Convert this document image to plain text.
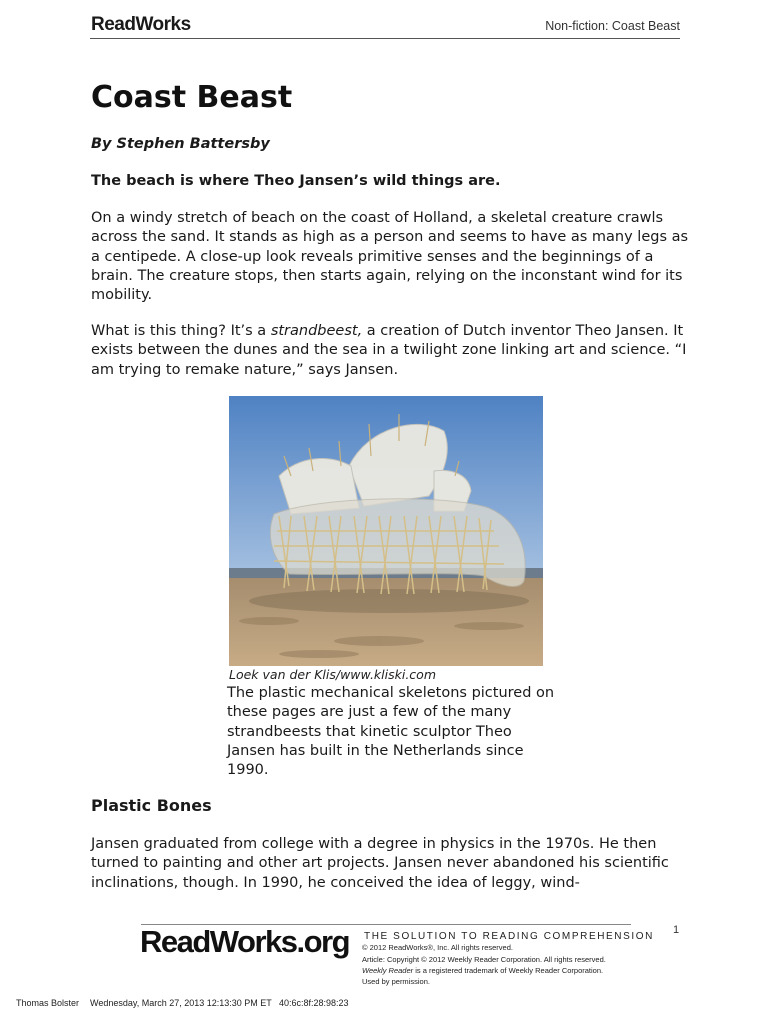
ReadWorks	Non-fiction: Coast Beast
Coast Beast
By Stephen Battersby
The beach is where Theo Jansen’s wild things are.
On a windy stretch of beach on the coast of Holland, a skeletal creature crawls across the sand. It stands as high as a person and seems to have as many legs as a centipede. A close-up look reveals primitive senses and the beginnings of a brain. The creature stops, then starts again, relying on the inconstant wind for its mobility.
What is this thing? It’s a strandbeest, a creation of Dutch inventor Theo Jansen. It exists between the dunes and the sea in a twilight zone linking art and science. “I am trying to remake nature,” says Jansen.
Loek van der Klis/www.kliski.com
The plastic mechanical skeletons pictured on these pages are just a few of the many strandbeests that kinetic sculptor Theo Jansen has built in the Netherlands since 1990.
Plastic Bones
Jansen graduated from college with a degree in physics in the 1970s. He then turned to painting and other art projects. Jansen never abandoned his scientific inclinations, though. In 1990, he conceived the idea of leggy, wind-
1
ReadWorks.org THE SOLUTION TO READING COMPREHENSION
© 2012 ReadWorks®, Inc. All rights reserved.
Article: Copyright © 2012 Weekly Reader Corporation. All rights reserved.
Weekly Reader is a registered trademark of Weekly Reader Corporation.
Used by permission.
Thomas Bolster Wednesday, March 27, 2013 12:13:30 PM ET 40:6c:8f:28:98:23
